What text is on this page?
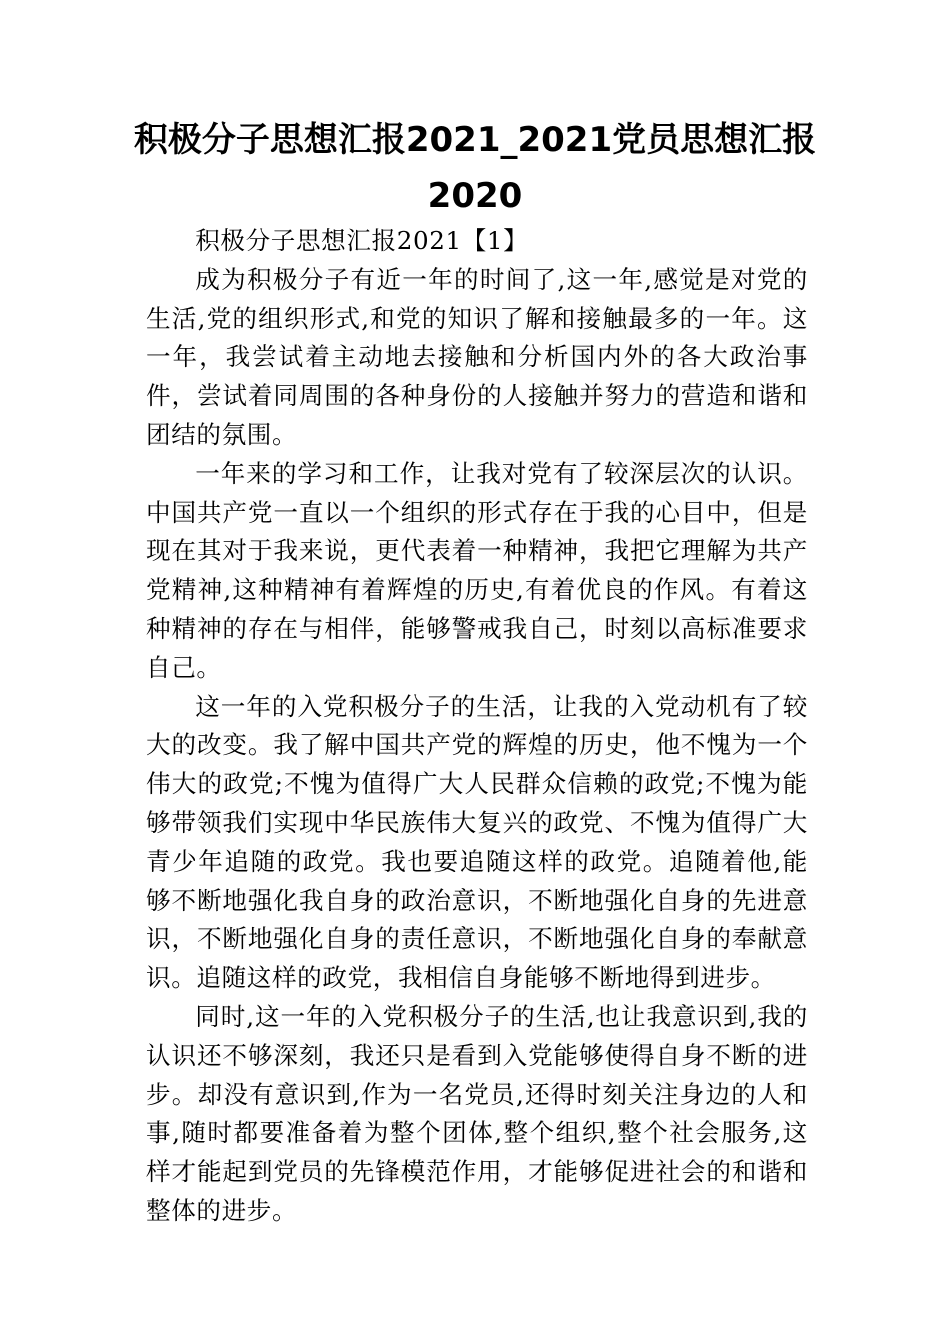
积极分子思想汇报2021_2021党员思想汇报2020

积极分子思想汇报2021【1】

成为积极分子有近一年的时间了,这一年,感觉是对党的生活,党的组织形式,和党的知识了解和接触最多的一年。这一年，我尝试着主动地去接触和分析国内外的各大政治事件，尝试着同周围的各种身份的人接触并努力的营造和谐和团结的氛围。

一年来的学习和工作，让我对党有了较深层次的认识。中国共产党一直以一个组织的形式存在于我的心目中，但是现在其对于我来说，更代表着一种精神，我把它理解为共产党精神,这种精神有着辉煌的历史,有着优良的作风。有着这种精神的存在与相伴，能够警戒我自己，时刻以高标准要求自己。

这一年的入党积极分子的生活，让我的入党动机有了较大的改变。我了解中国共产党的辉煌的历史，他不愧为一个伟大的政党;不愧为值得广大人民群众信赖的政党;不愧为能够带领我们实现中华民族伟大复兴的政党、不愧为值得广大青少年追随的政党。我也要追随这样的政党。追随着他,能够不断地强化我自身的政治意识，不断地强化自身的先进意识，不断地强化自身的责任意识，不断地强化自身的奉献意识。追随这样的政党，我相信自身能够不断地得到进步。

同时,这一年的入党积极分子的生活,也让我意识到,我的认识还不够深刻，我还只是看到入党能够使得自身不断的进步。却没有意识到,作为一名党员,还得时刻关注身边的人和事,随时都要准备着为整个团体,整个组织,整个社会服务,这样才能起到党员的先锋模范作用，才能够促进社会的和谐和整体的进步。
